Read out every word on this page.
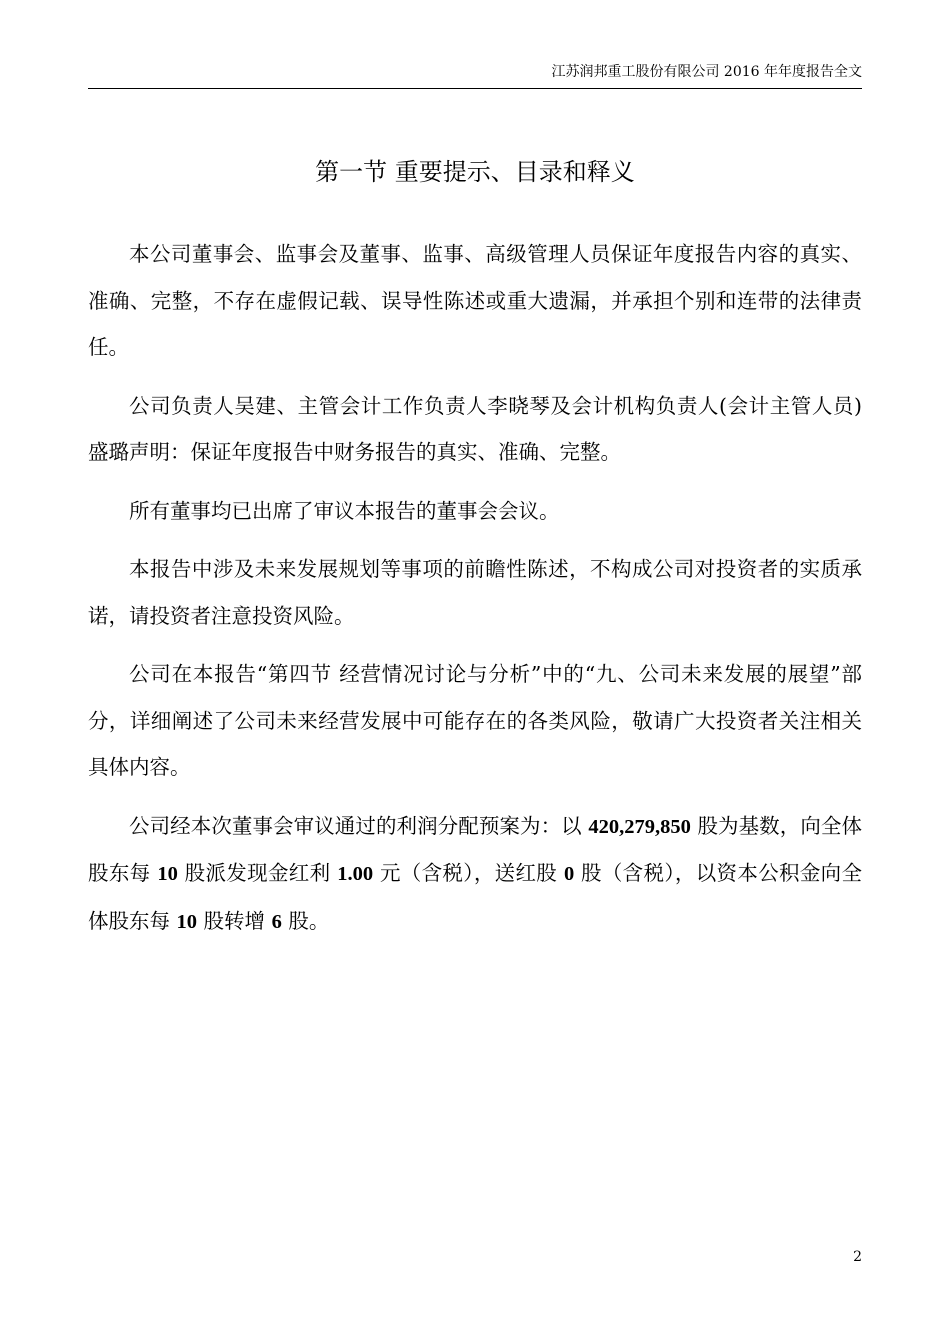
江苏润邦重工股份有限公司 2016 年年度报告全文
第一节 重要提示、目录和释义

本公司董事会、监事会及董事、监事、高级管理人员保证年度报告内容的真实、准确、完整，不存在虚假记载、误导性陈述或重大遗漏，并承担个别和连带的法律责任。

公司负责人吴建、主管会计工作负责人李晓琴及会计机构负责人(会计主管人员)盛璐声明：保证年度报告中财务报告的真实、准确、完整。

所有董事均已出席了审议本报告的董事会会议。

本报告中涉及未来发展规划等事项的前瞻性陈述，不构成公司对投资者的实质承诺，请投资者注意投资风险。

公司在本报告“第四节 经营情况讨论与分析”中的“九、公司未来发展的展望”部分，详细阐述了公司未来经营发展中可能存在的各类风险，敬请广大投资者关注相关具体内容。

公司经本次董事会审议通过的利润分配预案为：以 420,279,850 股为基数，向全体股东每 10 股派发现金红利 1.00 元（含税），送红股 0 股（含税），以资本公积金向全体股东每 10 股转增 6 股。

2
